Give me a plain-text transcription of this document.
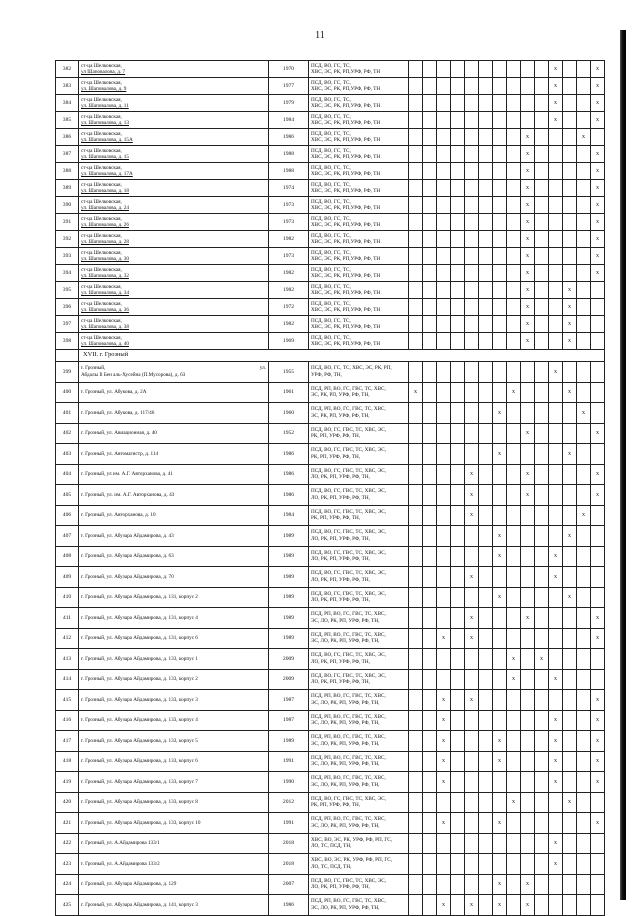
11
382	ст-ца Шелковская,
ул Шаповалова, д. 7	1970	ПСД, ВО, ГС, ТС,
ХВС, ЭС, РК, РП,УРФ, РФ, ТН											x			x
383	ст-ца Шелковская,
ул. Шаповалова, д. 9	1977	ПСД, ВО, ГС, ТС,
ХВС, ЭС, РК, РП,УРФ, РФ, ТН											x			x
384	ст-ца Шелковская,
ул. Шаповалова, д. 11	1979	ПСД, ВО, ГС, ТС,
ХВС, ЭС, РК, РП,УРФ, РФ, ТН											x			x
385	ст-ца Шелковская,
ул. Шаповалова, д. 13	1984	ПСД, ВО, ГС, ТС,
ХВС, ЭС, РК, РП,УРФ, РФ, ТН											x			x
386	ст-ца Шелковская,
ул. Шаповалова, д. 15А	1986	ПСД, ВО, ГС, ТС,
ХВС, ЭС, РК, РП,УРФ, РФ, ТН									x				x	
387	ст-ца Шелковская,
ул. Шаповалова, д. 15	1988	ПСД, ВО, ГС, ТС,
ХВС, ЭС, РК, РП,УРФ, РФ, ТН									x					x
388	ст-ца Шелковская,
ул. Шаповалова, д. 17А	1988	ПСД, ВО, ГС, ТС,
ХВС, ЭС, РК, РП,УРФ, РФ, ТН									x					x
389	ст-ца Шелковская,
ул. Шаповалова, д. 18	1974	ПСД, ВО, ГС, ТС,
ХВС, ЭС, РК, РП,УРФ, РФ, ТН									x					x
390	ст-ца Шелковская,
ул. Шаповалова, д. 24	1973	ПСД, ВО, ГС, ТС,
ХВС, ЭС, РК, РП,УРФ, РФ, ТН									x					x
391	ст-ца Шелковская,
ул. Шаповалова, д. 26	1973	ПСД, ВО, ГС, ТС,
ХВС, ЭС, РК, РП,УРФ, РФ, ТН									x					x
392	ст-ца Шелковская,
ул. Шаповалова, д. 28	1982	ПСД, ВО, ГС, ТС,
ХВС, ЭС, РК, РП,УРФ, РФ, ТН									x					x
393	ст-ца Шелковская,
ул. Шаповалова, д. 30	1973	ПСД, ВО, ГС, ТС,
ХВС, ЭС, РК, РП,УРФ, РФ, ТН									x					x
394	ст-ца Шелковская,
ул. Шаповалова, д. 32	1982	ПСД, ВО, ГС, ТС,
ХВС, ЭС, РК, РП,УРФ, РФ, ТН									x					x
395	ст-ца Шелковская,
ул. Шаповалова, д. 34	1982	ПСД, ВО, ГС, ТС,
ХВС, ЭС, РК, РП,УРФ, РФ, ТН									x			x		
396	ст-ца Шелковская,
ул. Шаповалова, д. 36	1972	ПСД, ВО, ГС, ТС,
ХВС, ЭС, РК, РП,УРФ, РФ, ТН									x			x		
397	ст-ца Шелковская,
ул. Шаповалова, д. 38	1982	ПСД, ВО, ГС, ТС,
ХВС, ЭС, РК, РП,УРФ, РФ, ТН									x			x		
398	ст-ца Шелковская,
ул. Шаповалова, д. 40	1969	ПСД, ВО, ГС, ТС,
ХВС, ЭС, РК, РП,УРФ, РФ, ТН									x			x		
	XVII. г. Грозный																
399	г. Грозный, ул.
Абдалы Il Бен аль-Хусейна (П.Мусорова), д. 63	1955	ПСД, ВО, ГС, ТС, ХВС, ЭС, РК, РП,
УРФ, РФ, ТН,											x			
400	г. Грозный, ул. Абукова, д. 2А	1961	ПСД, РП, ВО, ГС, ГВС, ТС, ХВС,
ЭС, РК, РП, УРФ, РФ, ТН,	x							x				x		
401	г. Грозный, ул. Абукова, д. 117/46	1960	ПСД, РП, ВО, ГС, ГВС, ТС, ХВС,
ЭС, РК, РП, УРФ, РФ, ТН,							x						x	
402	г. Грозный, ул. Авиационная, д. 40	1952	ПСД, ВО, ГС, ГВС, ТС, ХВС, ЭС,
РК, РП, УРФ, РФ, ТН,									x					x
403	г. Грозный, ул. Автомагистр, д. 114	1986	ПСД, ВО, ГС, ГВС, ТС, ХВС, ЭС,
РК, РП, УРФ, РФ, ТН,							x					x		
404	г. Грозный, ул им. А.Г. Авторханова, д. 41	1986	ПСД, ВО, ГС, ГВС, ТС, ХВС, ЭС,
ЛО, РК, РП, УРФ, РФ, ТН,					x				x					x
405	г. Грозный, ул. им. А.Г. Авторханова, д. 43	1986	ПСД, ВО, ГС, ГВС, ТС, ХВС, ЭС,
ЛО, РК, РП, УРФ, РФ, ТН,					x				x					x
406	г. Грозный, ул. Авторханова, д. 10	1984	ПСД, ВО, ГС, ГВС, ТС, ХВС, ЭС,
РК, РП, УРФ, РФ, ТН,					x								x	
407	г. Грозный, ул. Абузара Айдамирова, д. 43	1989	ПСД, ВО, ГС, ГВС, ТС, ХВС, ЭС,
ЛО, РК, РП, УРФ, РФ, ТН,							x					x		
408	г. Грозный, ул. Абузара Айдамирова, д. 63	1989	ПСД, ВО, ГС, ГВС, ТС, ХВС, ЭС,
ЛО, РК, РП, УРФ, РФ, ТН,							x				x			
409	г. Грозный, ул. Абузара Айдамирова, д. 70	1989	ПСД, ВО, ГС, ГВС, ТС, ХВС, ЭС,
ЛО, РК, РП, УРФ, РФ, ТН,					x						x			
410	г. Грозный, ул. Абузара Айдамирова, д. 131, корпус 2	1989	ПСД, ВО, ГС, ГВС, ТС, ХВС, ЭС,
ЛО, РК, РП, УРФ, РФ, ТН,							x					x		
411	г. Грозный, ул. Абузара Айдамирова, д. 131, корпус 4	1989	ПСД, РП, ВО, ГС, ГВС, ТС, ХВС,
ЭС, ЛО, РК, РП, УРФ, РФ, ТН,					x				x					x
412	г. Грозный, ул. Абузара Айдамирова, д. 131, корпус 6	1989	ПСД, РП, ВО, ГС, ГВС, ТС, ХВС,
ЭС, ЛО, РК, РП, УРФ, РФ, ТН,			x		x									x
413	г. Грозный, ул. Абузара Айдамирова, д. 133, корпус 1	2009	ПСД, ВО, ГС, ГВС, ТС, ХВС, ЭС,
ЛО, РК, РП, УРФ, РФ, ТН,								x		x				
414	г. Грозный, ул. Абузара Айдамирова, д. 133, корпус 2	2009	ПСД, ВО, ГС, ГВС, ТС, ХВС, ЭС,
ЛО, РК, РП, УРФ, РФ, ТН,								x			x			
415	г. Грозный, ул. Абузара Айдамирова, д. 133, корпус 3	1987	ПСД, РП, ВО, ГС, ГВС, ТС, ХВС,
ЭС, ЛО, РК, РП, УРФ, РФ, ТН,			x		x									x
416	г. Грозный, ул. Абузара Айдамирова, д. 133, корпус 4	1987	ПСД, РП, ВО, ГС, ГВС, ТС, ХВС,
ЭС, ЛО, РК, РП, УРФ, РФ, ТН,			x								x			x
417	г. Грозный, ул. Абузара Айдамирова, д. 133, корпус 5	1989	ПСД, РП, ВО, ГС, ГВС, ТС, ХВС,
ЭС, ЛО, РК, РП, УРФ, РФ, ТН,			x				x				x			x
418	г. Грозный, ул. Абузара Айдамирова, д. 133, корпус 6	1991	ПСД, РП, ВО, ГС, ГВС, ТС, ХВС,
ЭС, ЛО, РК, РП, УРФ, РФ, ТН,			x				x				x			x
419	г. Грозный, ул. Абузара Айдамирова, д. 133, корпус 7	1990	ПСД, РП, ВО, ГС, ГВС, ТС, ХВС,
ЭС, ЛО, РК, РП, УРФ, РФ, ТН,			x								x			x
420	г. Грозный, ул. Абузара Айдамирова, д. 133, корпус 8	2012	ПСД, ВО, ГС, ГВС, ТС, ХВС, ЭС,
РК, РП, УРФ, РФ, ТН,								x				x		
421	г. Грозный, ул. Абузара Айдамирова, д. 133, корпус 10	1991	ПСД, РП, ВО, ГС, ГВС, ТС, ХВС,
ЭС, ЛО, РК, РП, УРФ, РФ, ТН,			x				x							x
422	г. Грозный, ул. А.Айдамирова 133/1	2018	ХВС, ВО, ЭС, РК, УРФ, РФ, РП, ГС,
ЛО, ТС, ПСД, ТН,											x			
423	г. Грозный, ул. А.Айдамирова 133/2	2018	ХВС, ВО, ЭС, РК, УРФ, РФ, РП, ГС,
ЛО, ТС, ПСД, ТН,											x			
424	г. Грозный, ул. Абузара Айдамирова, д. 129	2007	ПСД, ВО, ГС, ГВС, ТС, ХВС, ЭС,
ЛО, РК, РП, УРФ, РФ, ТН,							x		x					
425	г. Грозный, ул. Абузара Айдамирова, д. 141, корпус 3	1986	ПСД, РП, ВО, ГС, ГВС, ТС, ХВС,
ЭС, ЛО, РК, РП, УРФ, РФ, ТН,			x		x		x		x					
